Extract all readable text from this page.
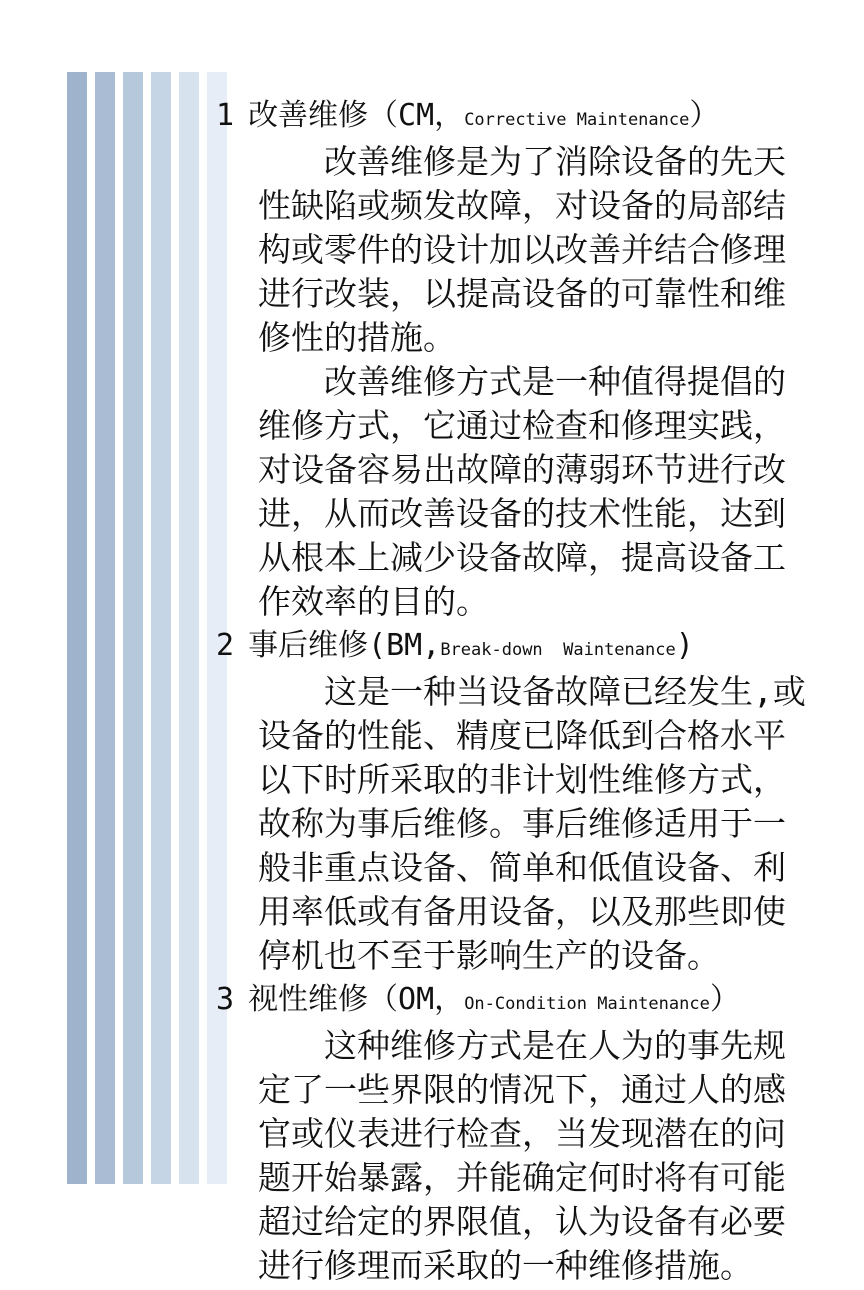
1 改善维修（CM，Corrective Maintenance）

改善维修是为了消除设备的先天性缺陷或频发故障，对设备的局部结构或零件的设计加以改善并结合修理进行改装，以提高设备的可靠性和维修性的措施。

改善维修方式是一种值得提倡的维修方式，它通过检查和修理实践，对设备容易出故障的薄弱环节进行改进，从而改善设备的技术性能，达到从根本上减少设备故障，提高设备工作效率的目的。

2 事后维修(BM,Break-down  Waintenance)

这是一种当设备故障已经发生,或设备的性能、精度已降低到合格水平以下时所采取的非计划性维修方式，故称为事后维修。事后维修适用于一般非重点设备、简单和低值设备、利用率低或有备用设备，以及那些即使停机也不至于影响生产的设备。

3 视性维修（OM，On-Condition Maintenance）

这种维修方式是在人为的事先规定了一些界限的情况下，通过人的感官或仪表进行检查，当发现潜在的问题开始暴露，并能确定何时将有可能超过给定的界限值，认为设备有必要进行修理而采取的一种维修措施。
